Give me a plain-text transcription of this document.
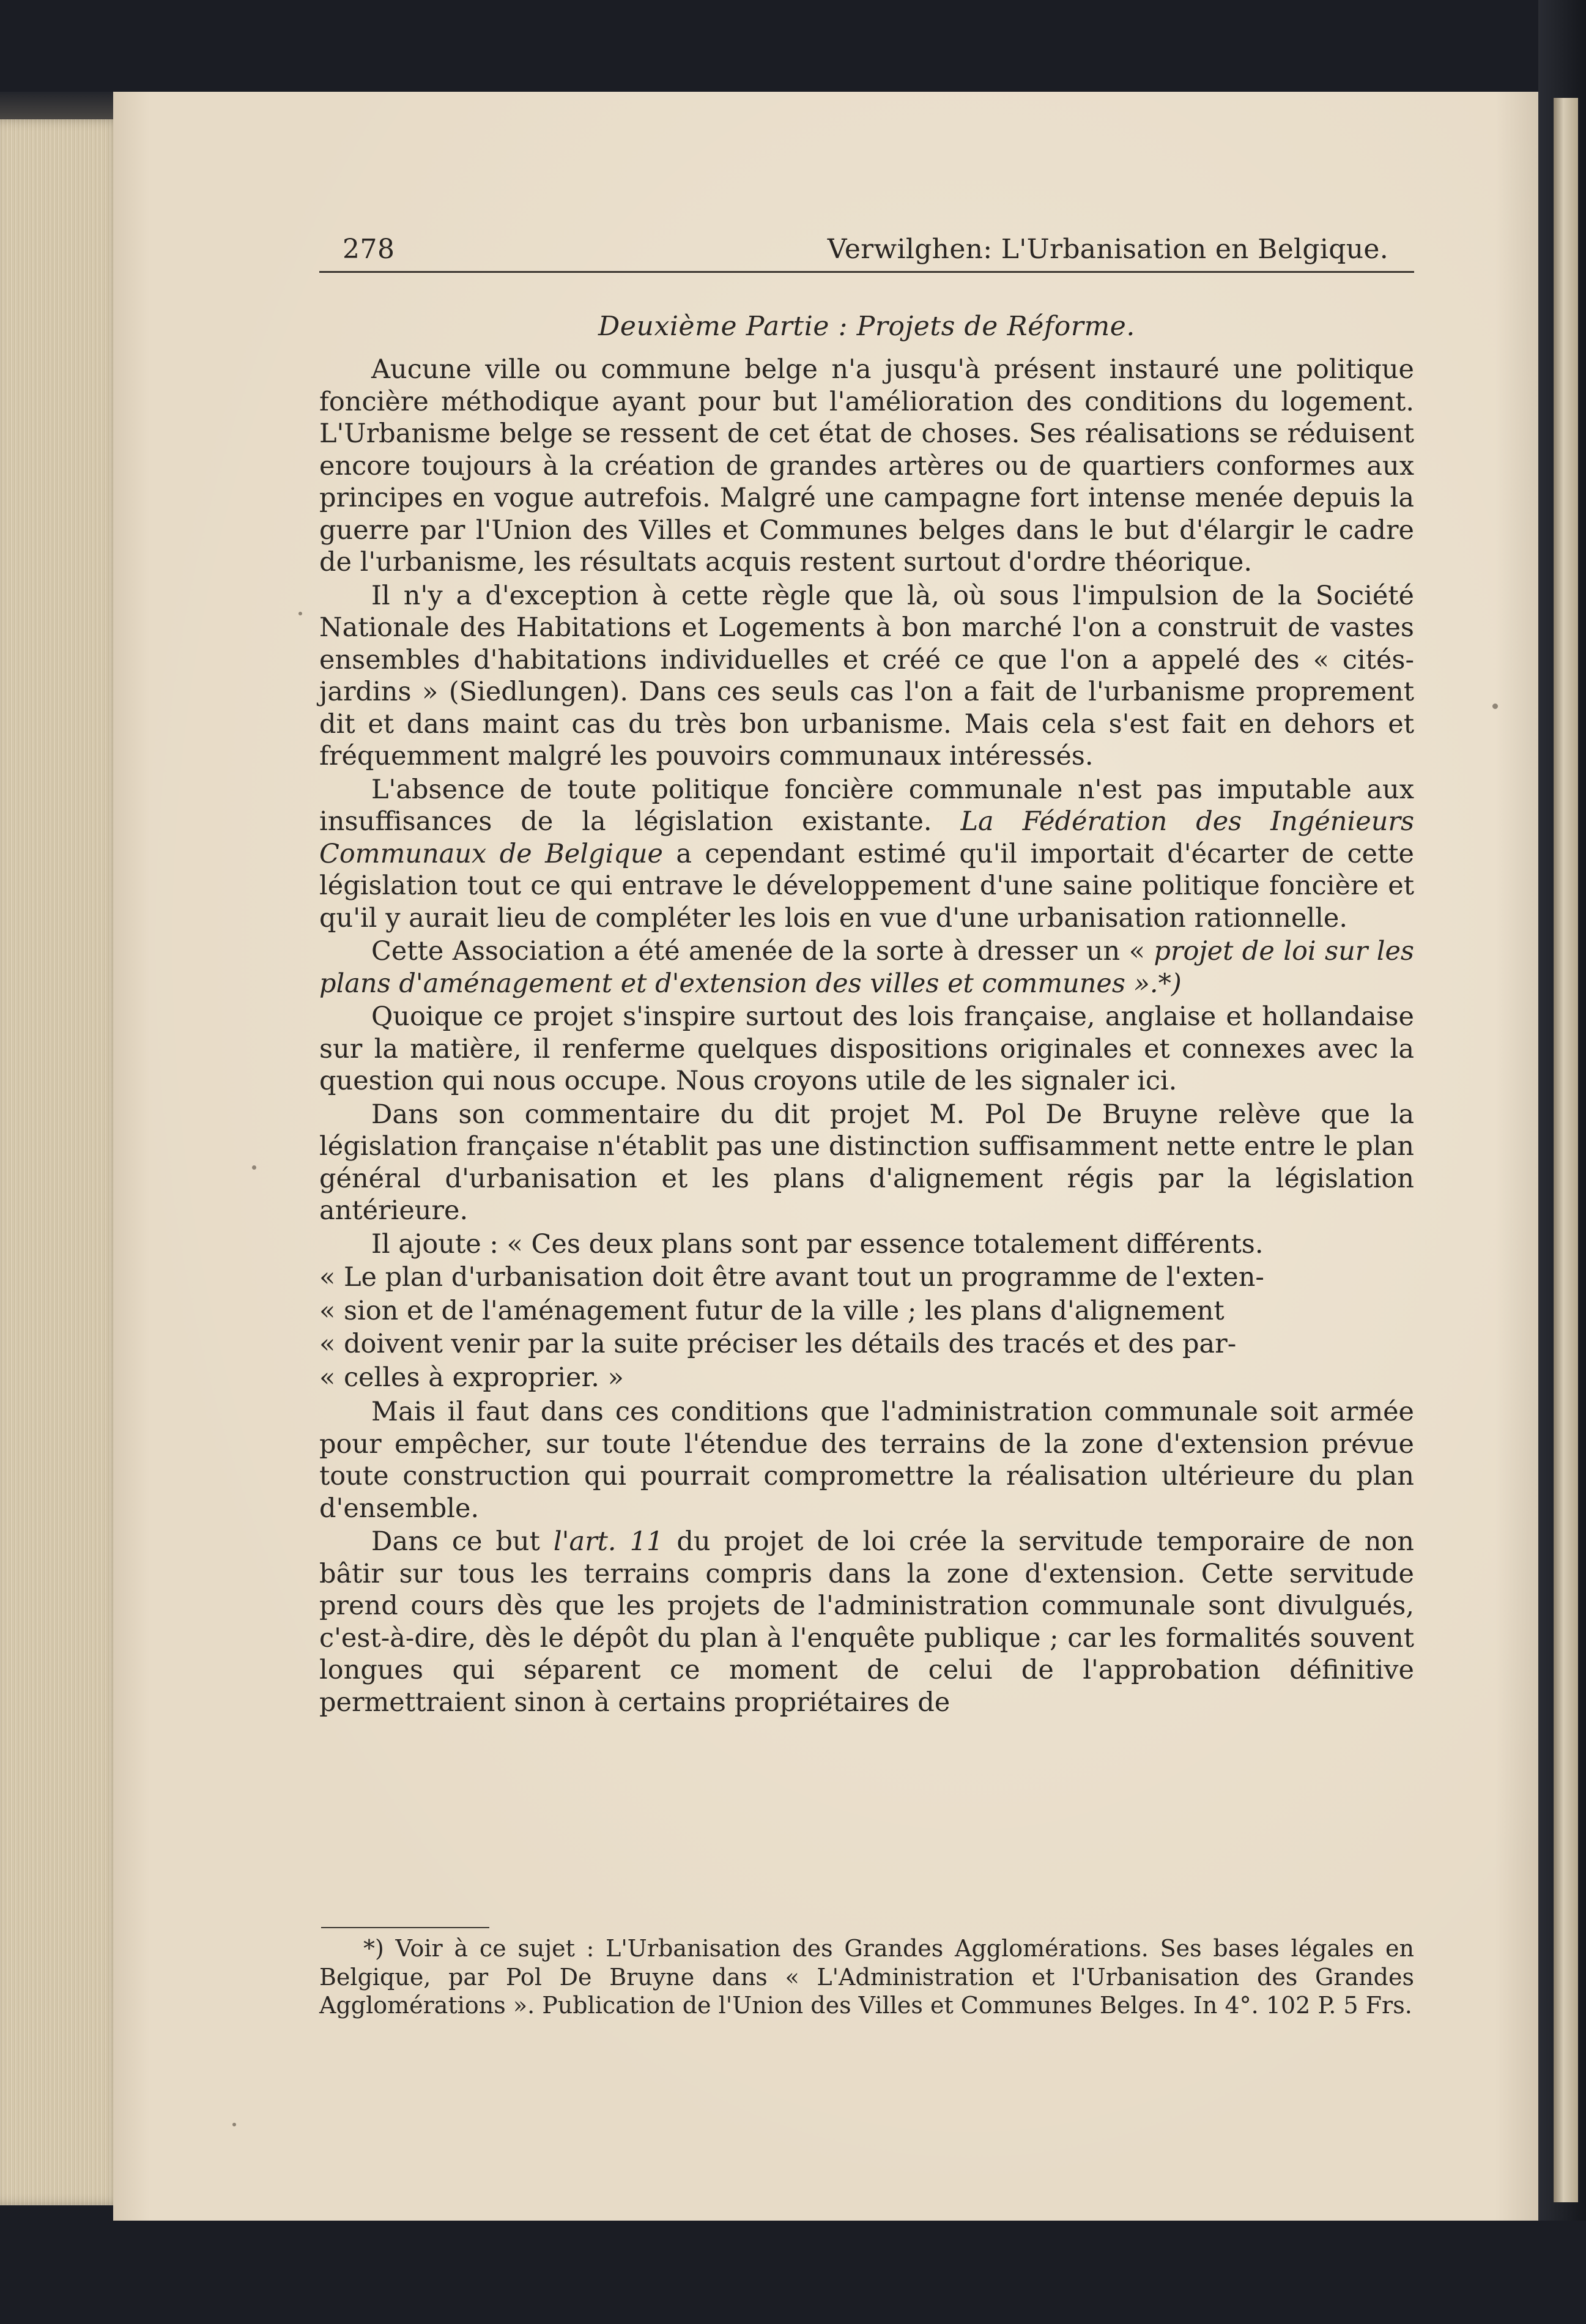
278	Verwilghen: L'Urbanisation en Belgique.
Deuxième Partie : Projets de Réforme.

Aucune ville ou commune belge n'a jusqu'à présent instauré une politique foncière méthodique ayant pour but l'amélioration des conditions du logement. L'Urbanisme belge se ressent de cet état de choses. Ses réalisations se réduisent encore toujours à la création de grandes artères ou de quartiers conformes aux principes en vogue autrefois. Malgré une campagne fort intense menée depuis la guerre par l'Union des Villes et Communes belges dans le but d'élargir le cadre de l'urbanisme, les résultats acquis restent surtout d'ordre théorique.

Il n'y a d'exception à cette règle que là, où sous l'impulsion de la Société Nationale des Habitations et Logements à bon marché l'on a construit de vastes ensembles d'habitations individuelles et créé ce que l'on a appelé des « cités-jardins » (Siedlungen). Dans ces seuls cas l'on a fait de l'urbanisme proprement dit et dans maint cas du très bon urbanisme. Mais cela s'est fait en dehors et fréquemment malgré les pouvoirs communaux intéressés.

L'absence de toute politique foncière communale n'est pas imputable aux insuffisances de la législation existante. La Fédération des Ingénieurs Communaux de Belgique a cependant estimé qu'il importait d'écarter de cette législation tout ce qui entrave le développement d'une saine politique foncière et qu'il y aurait lieu de compléter les lois en vue d'une urbanisation rationnelle.

Cette Association a été amenée de la sorte à dresser un « projet de loi sur les plans d'aménagement et d'extension des villes et communes ».*)

Quoique ce projet s'inspire surtout des lois française, anglaise et hollandaise sur la matière, il renferme quelques dispositions originales et connexes avec la question qui nous occupe. Nous croyons utile de les signaler ici.

Dans son commentaire du dit projet M. Pol De Bruyne relève que la législation française n'établit pas une distinction suffisamment nette entre le plan général d'urbanisation et les plans d'alignement régis par la législation antérieure.

Il ajoute : « Ces deux plans sont par essence totalement différents.

« Le plan d'urbanisation doit être avant tout un programme de l'exten-

« sion et de l'aménagement futur de la ville ; les plans d'alignement

« doivent venir par la suite préciser les détails des tracés et des par-

« celles à exproprier. »

Mais il faut dans ces conditions que l'administration communale soit armée pour empêcher, sur toute l'étendue des terrains de la zone d'extension prévue toute construction qui pourrait compromettre la réalisation ultérieure du plan d'ensemble.

Dans ce but l'art. 11 du projet de loi crée la servitude temporaire de non bâtir sur tous les terrains compris dans la zone d'extension. Cette servitude prend cours dès que les projets de l'administration communale sont divulgués, c'est-à-dire, dès le dépôt du plan à l'enquête publique ; car les formalités souvent longues qui séparent ce moment de celui de l'approbation définitive permettraient sinon à certains propriétaires de

*) Voir à ce sujet : L'Urbanisation des Grandes Agglomérations. Ses bases légales en Belgique, par Pol De Bruyne dans « L'Administration et l'Urbanisation des Grandes Agglomérations ». Publication de l'Union des Villes et Communes Belges. In 4°. 102 P. 5 Frs.
